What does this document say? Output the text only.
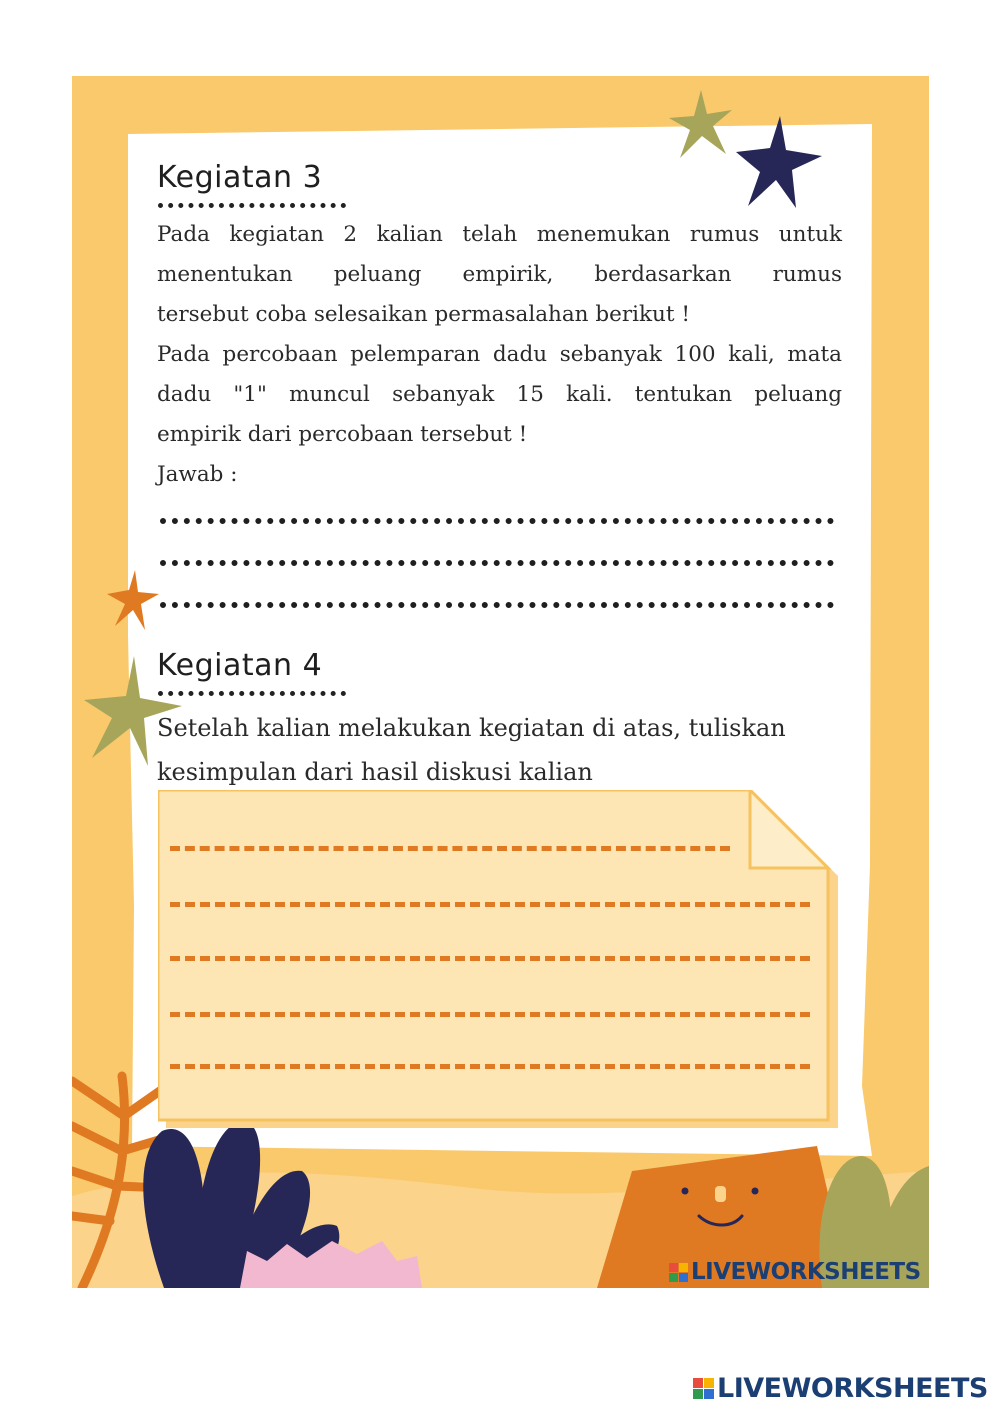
LIVEWORKSHEETS
Kegiatan 3
Pada kegiatan 2 kalian telah menemukan rumus untuk
menentukan peluang empirik, berdasarkan rumus
tersebut coba selesaikan permasalahan berikut !
Pada percobaan pelemparan dadu sebanyak 100 kali, mata
dadu "1" muncul sebanyak 15 kali. tentukan peluang
empirik dari percobaan tersebut !
Jawab :
Kegiatan 4
Setelah kalian melakukan kegiatan di atas, tuliskan
kesimpulan dari hasil diskusi kalian
LIVEWORKSHEETS
